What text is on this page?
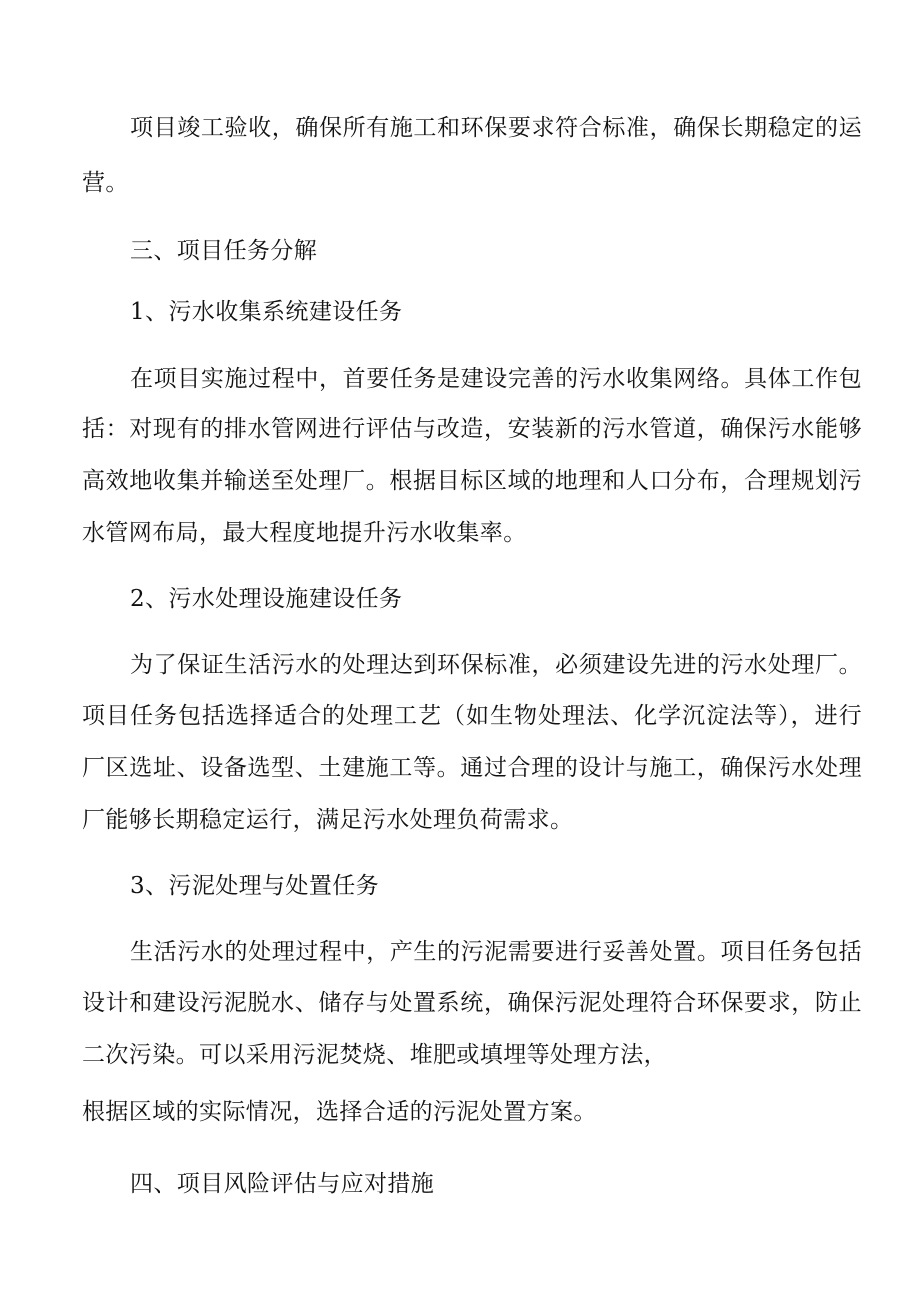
项目竣工验收，确保所有施工和环保要求符合标准，确保长期稳定的运
营。
三、项目任务分解
1、污水收集系统建设任务
在项目实施过程中，首要任务是建设完善的污水收集网络。具体工作包
括：对现有的排水管网进行评估与改造，安装新的污水管道，确保污水能够
高效地收集并输送至处理厂。根据目标区域的地理和人口分布，合理规划污
水管网布局，最大程度地提升污水收集率。
2、污水处理设施建设任务
为了保证生活污水的处理达到环保标准，必须建设先进的污水处理厂。
项目任务包括选择适合的处理工艺（如生物处理法、化学沉淀法等），进行
厂区选址、设备选型、土建施工等。通过合理的设计与施工，确保污水处理
厂能够长期稳定运行，满足污水处理负荷需求。
3、污泥处理与处置任务
生活污水的处理过程中，产生的污泥需要进行妥善处置。项目任务包括
设计和建设污泥脱水、储存与处置系统，确保污泥处理符合环保要求，防止
二次污染。可以采用污泥焚烧、堆肥或填埋等处理方法，
根据区域的实际情况，选择合适的污泥处置方案。
四、项目风险评估与应对措施
